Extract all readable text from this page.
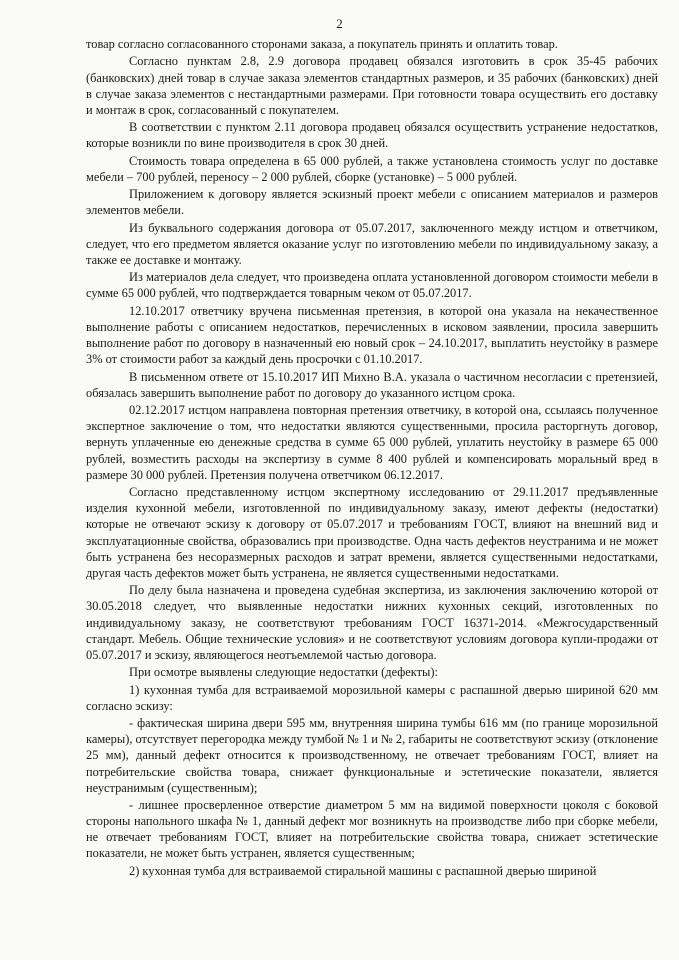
2

товар согласно согласованного сторонами заказа, а покупатель принять и оплатить товар.

Согласно пунктам 2.8, 2.9 договора продавец обязался изготовить в срок 35-45 рабочих (банковских) дней товар в случае заказа элементов стандартных размеров, и 35 рабочих (банковских) дней в случае заказа элементов с нестандартными размерами. При готовности товара осуществить его доставку и монтаж в срок, согласованный с покупателем.

В соответствии с пунктом 2.11 договора продавец обязался осуществить устранение недостатков, которые возникли по вине производителя в срок 30 дней.

Стоимость товара определена в 65 000 рублей, а также установлена стоимость услуг по доставке мебели – 700 рублей, переносу – 2 000 рублей, сборке (установке) – 5 000 рублей.

Приложением к договору является эскизный проект мебели с описанием материалов и размеров элементов мебели.

Из буквального содержания договора от 05.07.2017, заключенного между истцом и ответчиком, следует, что его предметом является оказание услуг по изготовлению мебели по индивидуальному заказу, а также ее доставке и монтажу.

Из материалов дела следует, что произведена оплата установленной договором стоимости мебели в сумме 65 000 рублей, что подтверждается товарным чеком от 05.07.2017.

12.10.2017 ответчику вручена письменная претензия, в которой она указала на некачественное выполнение работы с описанием недостатков, перечисленных в исковом заявлении, просила завершить выполнение работ по договору в назначенный ею новый срок – 24.10.2017, выплатить неустойку в размере 3% от стоимости работ за каждый день просрочки с 01.10.2017.

В письменном ответе от 15.10.2017 ИП Михно В.А. указала о частичном несогласии с претензией, обязалась завершить выполнение работ по договору до указанного истцом срока.

02.12.2017 истцом направлена повторная претензия ответчику, в которой она, ссылаясь полученное экспертное заключение о том, что недостатки являются существенными, просила расторгнуть договор, вернуть уплаченные ею денежные средства в сумме 65 000 рублей, уплатить неустойку в размере 65 000 рублей, возместить расходы на экспертизу в сумме 8 400 рублей и компенсировать моральный вред в размере 30 000 рублей. Претензия получена ответчиком 06.12.2017.

Согласно представленному истцом экспертному исследованию от 29.11.2017 предъявленные изделия кухонной мебели, изготовленной по индивидуальному заказу, имеют дефекты (недостатки) которые не отвечают эскизу к договору от 05.07.2017 и требованиям ГОСТ, влияют на внешний вид и эксплуатационные свойства, образовались при производстве. Одна часть дефектов неустранима и не может быть устранена без несоразмерных расходов и затрат времени, является существенными недостатками, другая часть дефектов может быть устранена, не является существенными недостатками.

По делу была назначена и проведена судебная экспертиза, из заключения заключению которой от 30.05.2018 следует, что выявленные недостатки нижних кухонных секций, изготовленных по индивидуальному заказу, не соответствуют требованиям ГОСТ 16371-2014. «Межгосударственный стандарт. Мебель. Общие технические условия» и не соответствуют условиям договора купли-продажи от 05.07.2017 и эскизу, являющегося неотъемлемой частью договора.

При осмотре выявлены следующие недостатки (дефекты):

1) кухонная тумба для встраиваемой морозильной камеры с распашной дверью шириной 620 мм согласно эскизу:

- фактическая ширина двери 595 мм, внутренняя ширина тумбы 616 мм (по границе морозильной камеры), отсутствует перегородка между тумбой № 1 и № 2, габариты не соответствуют эскизу (отклонение 25 мм), данный дефект относится к производственному, не отвечает требованиям ГОСТ, влияет на потребительские свойства товара, снижает функциональные и эстетические показатели, является неустранимым (существенным);

- лишнее просверленное отверстие диаметром 5 мм на видимой поверхности цоколя с боковой стороны напольного шкафа № 1, данный дефект мог возникнуть на производстве либо при сборке мебели, не отвечает требованиям ГОСТ, влияет на потребительские свойства товара, снижает эстетические показатели, не может быть устранен, является существенным;

2) кухонная тумба для встраиваемой стиральной машины с распашной дверью шириной
